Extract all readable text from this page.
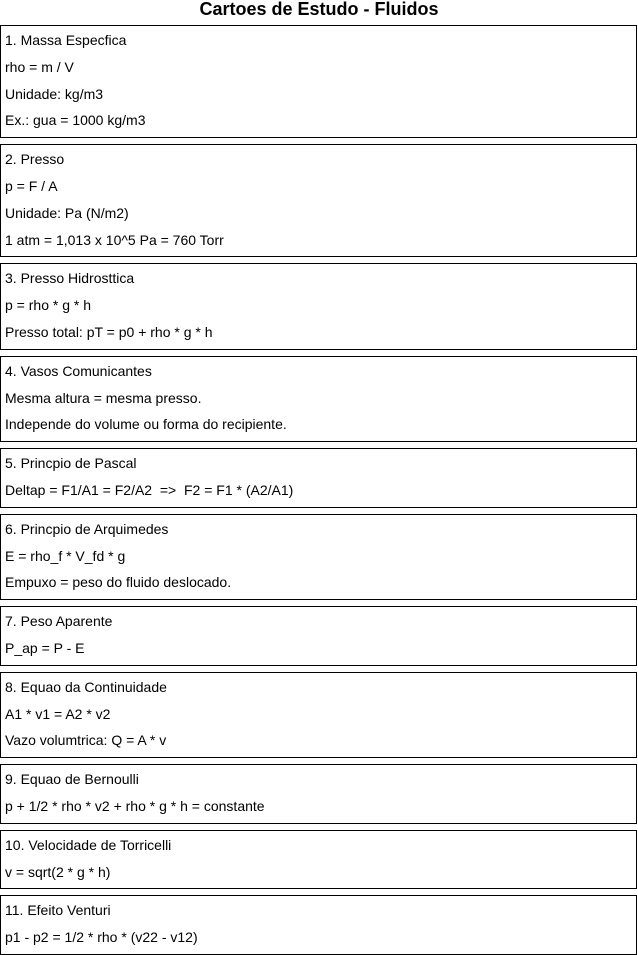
Cartoes de Estudo - Fluidos
1. Massa Especfica
rho = m / V
Unidade: kg/m3
Ex.: gua = 1000 kg/m3
2. Presso
p = F / A
Unidade: Pa (N/m2)
1 atm = 1,013 x 10^5 Pa = 760 Torr
3. Presso Hidrosttica
p = rho * g * h
Presso total: pT = p0 + rho * g * h
4. Vasos Comunicantes
Mesma altura = mesma presso.
Independe do volume ou forma do recipiente.
5. Princpio de Pascal
Deltap = F1/A1 = F2/A2  =>  F2 = F1 * (A2/A1)
6. Princpio de Arquimedes
E = rho_f * V_fd * g
Empuxo = peso do fluido deslocado.
7. Peso Aparente
P_ap = P - E
8. Equao da Continuidade
A1 * v1 = A2 * v2
Vazo volumtrica: Q = A * v
9. Equao de Bernoulli
p + 1/2 * rho * v2 + rho * g * h = constante
10. Velocidade de Torricelli
v = sqrt(2 * g * h)
11. Efeito Venturi
p1 - p2 = 1/2 * rho * (v22 - v12)
